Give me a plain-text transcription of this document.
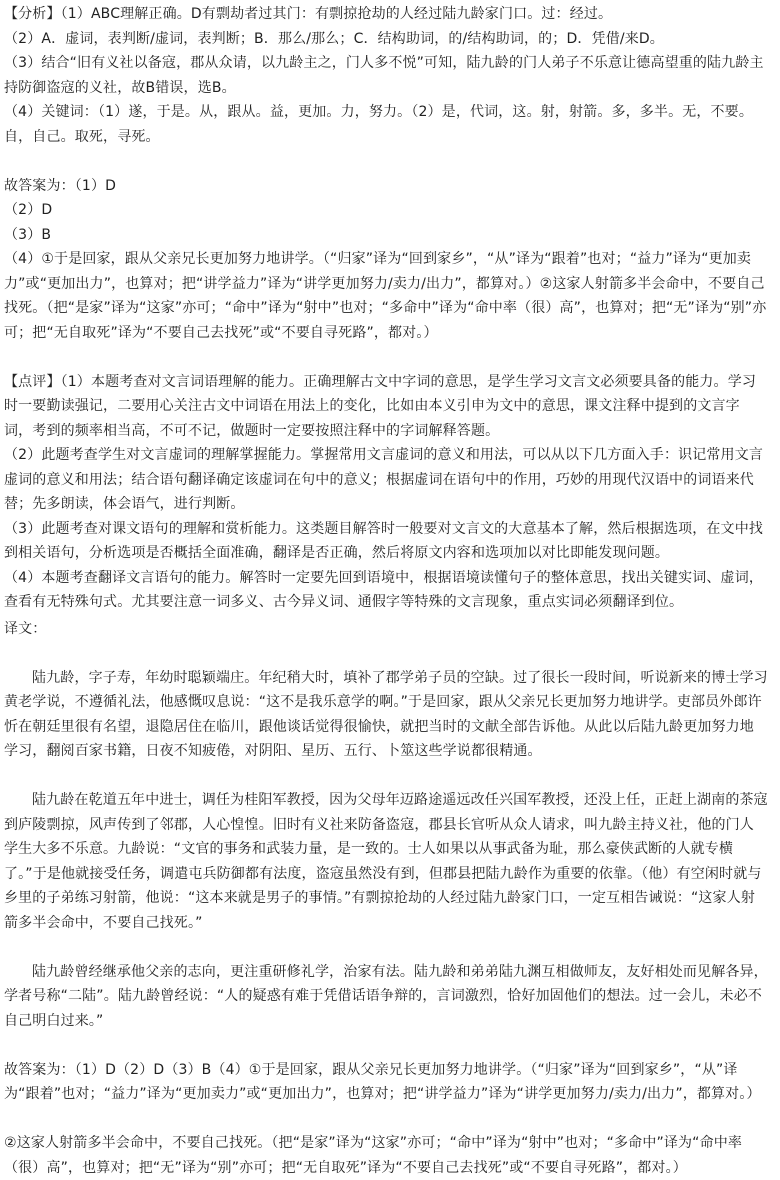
【分析】（1）ABC理解正确。D有剽劫者过其门：有剽掠抢劫的人经过陆九龄家门口。过：经过。

（2）A．虚词，表判断/虚词，表判断；B．那么/那么；C．结构助词，的/结构助词，的；D．凭借/来D。

（3）结合“旧有义社以备寇，郡从众请，以九龄主之，门人多不悦”可知，陆九龄的门人弟子不乐意让德高望重的陆九龄主持防御盗寇的义社，故B错误，选B。

（4）关键词：（1）遂，于是。从，跟从。益，更加。力，努力。（2）是，代词，这。射，射箭。多，多半。无，不要。自，自己。取死，寻死。

故答案为：（1）D

（2）D

（3）B

（4）①于是回家，跟从父亲兄长更加努力地讲学。（“归家”译为“回到家乡”，“从”译为“跟着”也对；“益力”译为“更加卖力”或“更加出力”，也算对；把“讲学益力”译为“讲学更加努力/卖力/出力”，都算对。）②这家人射箭多半会命中，不要自己找死。（把“是家”译为“这家”亦可；“命中”译为“射中”也对；“多命中”译为“命中率（很）高”，也算对；把“无”译为“别”亦可；把“无自取死”译为“不要自己去找死”或“不要自寻死路”，都对。）

【点评】（1）本题考查对文言词语理解的能力。正确理解古文中字词的意思，是学生学习文言文必须要具备的能力。学习时一要勤读强记，二要用心关注古文中词语在用法上的变化，比如由本义引申为文中的意思，课文注释中提到的文言字词，考到的频率相当高，不可不记，做题时一定要按照注释中的字词解释答题。

（2）此题考查学生对文言虚词的理解掌握能力。掌握常用文言虚词的意义和用法，可以从以下几方面入手：识记常用文言虚词的意义和用法；结合语句翻译确定该虚词在句中的意义；根据虚词在语句中的作用，巧妙的用现代汉语中的词语来代替；先多朗读，体会语气，进行判断。

（3）此题考查对课文语句的理解和赏析能力。这类题目解答时一般要对文言文的大意基本了解，然后根据选项，在文中找到相关语句，分析选项是否概括全面准确，翻译是否正确，然后将原文内容和选项加以对比即能发现问题。

（4）本题考查翻译文言语句的能力。解答时一定要先回到语境中，根据语境读懂句子的整体意思，找出关键实词、虚词，查看有无特殊句式。尤其要注意一词多义、古今异义词、通假字等特殊的文言现象，重点实词必须翻译到位。

译文：

陆九龄，字子寿，年幼时聪颖端庄。年纪稍大时，填补了郡学弟子员的空缺。过了很长一段时间，听说新来的博士学习黄老学说，不遵循礼法，他感慨叹息说：“这不是我乐意学的啊。”于是回家，跟从父亲兄长更加努力地讲学。吏部员外郎许忻在朝廷里很有名望，退隐居住在临川，跟他谈话觉得很愉快，就把当时的文献全部告诉他。从此以后陆九龄更加努力地学习，翻阅百家书籍，日夜不知疲倦，对阴阳、星历、五行、卜筮这些学说都很精通。

陆九龄在乾道五年中进士，调任为桂阳军教授，因为父母年迈路途遥远改任兴国军教授，还没上任，正赶上湖南的茶寇到庐陵剽掠，风声传到了邻郡，人心惶惶。旧时有义社来防备盗寇，郡县长官听从众人请求，叫九龄主持义社，他的门人学生大多不乐意。九龄说：“文官的事务和武装力量，是一致的。士人如果以从事武备为耻，那么豪侠武断的人就专横了。”于是他就接受任务，调遣屯兵防御都有法度，盗寇虽然没有到，但郡县把陆九龄作为重要的依靠。（他）有空闲时就与乡里的子弟练习射箭，他说：“这本来就是男子的事情。”有剽掠抢劫的人经过陆九龄家门口，一定互相告诫说：“这家人射箭多半会命中，不要自己找死。”

陆九龄曾经继承他父亲的志向，更注重研修礼学，治家有法。陆九龄和弟弟陆九渊互相做师友，友好相处而见解各异，学者号称“二陆”。陆九龄曾经说：“人的疑惑有难于凭借话语争辩的，言词激烈，恰好加固他们的想法。过一会儿，未必不自己明白过来。”

故答案为：（1）D（2）D（3）B（4）①于是回家，跟从父亲兄长更加努力地讲学。（“归家”译为“回到家乡”，“从”译为“跟着”也对；“益力”译为“更加卖力”或“更加出力”，也算对；把“讲学益力”译为“讲学更加努力/卖力/出力”，都算对。）

②这家人射箭多半会命中，不要自己找死。（把“是家”译为“这家”亦可；“命中”译为“射中”也对；“多命中”译为“命中率（很）高”，也算对；把“无”译为“别”亦可；把“无自取死”译为“不要自己去找死”或“不要自寻死路”，都对。）
